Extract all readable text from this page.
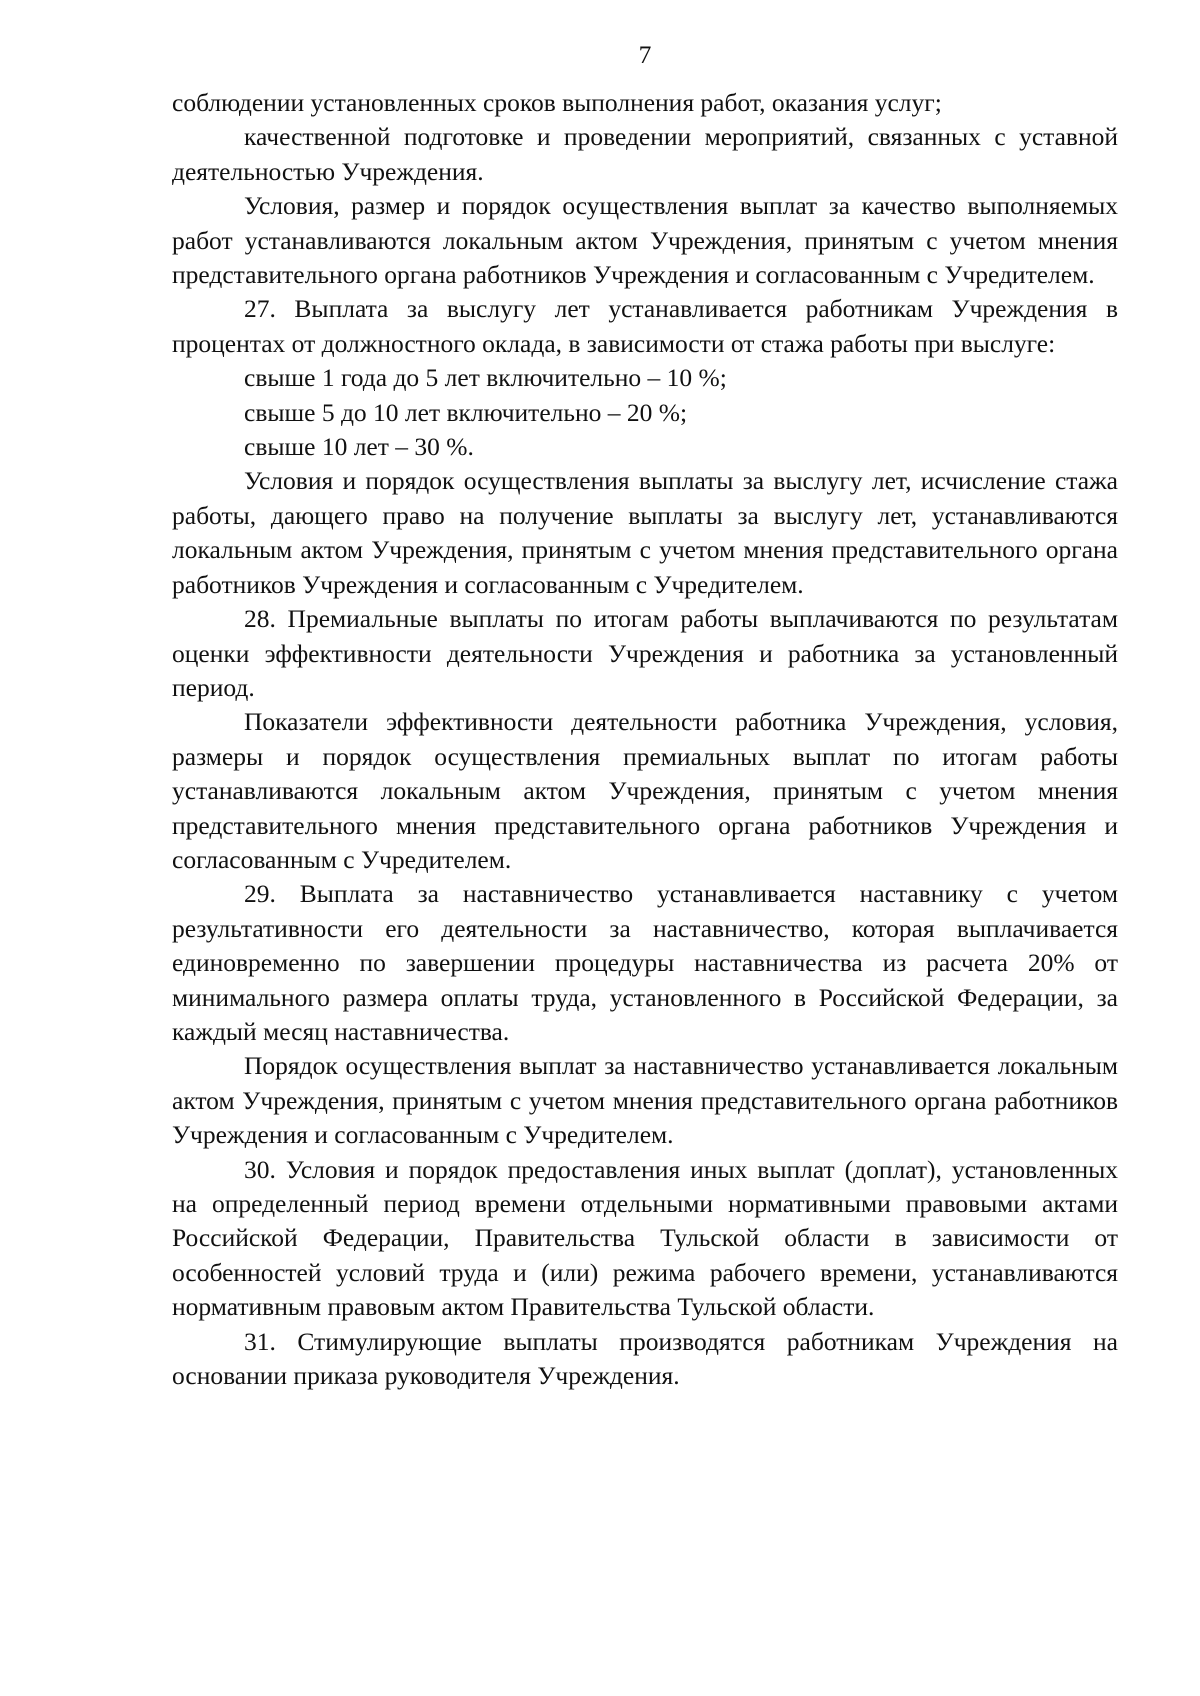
7

соблюдении установленных сроков выполнения работ, оказания услуг;

качественной подготовке и проведении мероприятий, связанных с уставной деятельностью Учреждения.

Условия, размер и порядок осуществления выплат за качество выполняемых работ устанавливаются локальным актом Учреждения, принятым с учетом мнения представительного органа работников Учреждения и согласованным с Учредителем.

27. Выплата за выслугу лет устанавливается работникам Учреждения в процентах от должностного оклада, в зависимости от стажа работы при выслуге:

свыше 1 года до 5 лет включительно – 10 %;

свыше 5 до 10 лет включительно – 20 %;

свыше 10 лет – 30 %.

Условия и порядок осуществления выплаты за выслугу лет, исчисление стажа работы, дающего право на получение выплаты за выслугу лет, устанавливаются локальным актом Учреждения, принятым с учетом мнения представительного органа работников Учреждения и согласованным с Учредителем.

28. Премиальные выплаты по итогам работы выплачиваются по результатам оценки эффективности деятельности Учреждения и работника за установленный период.

Показатели эффективности деятельности работника Учреждения, условия, размеры и порядок осуществления премиальных выплат по итогам работы устанавливаются локальным актом Учреждения, принятым с учетом мнения представительного мнения представительного органа работников Учреждения и согласованным с Учредителем.

29. Выплата за наставничество устанавливается наставнику с учетом результативности его деятельности за наставничество, которая выплачивается единовременно по завершении процедуры наставничества из расчета 20% от минимального размера оплаты труда, установленного в Российской Федерации, за каждый месяц наставничества.

Порядок осуществления выплат за наставничество устанавливается локальным актом Учреждения, принятым с учетом мнения представительного органа работников Учреждения и согласованным с Учредителем.

30. Условия и порядок предоставления иных выплат (доплат), установленных на определенный период времени отдельными нормативными правовыми актами Российской Федерации, Правительства Тульской области в зависимости от особенностей условий труда и (или) режима рабочего времени, устанавливаются нормативным правовым актом Правительства Тульской области.

31. Стимулирующие выплаты производятся работникам Учреждения на основании приказа руководителя Учреждения.
